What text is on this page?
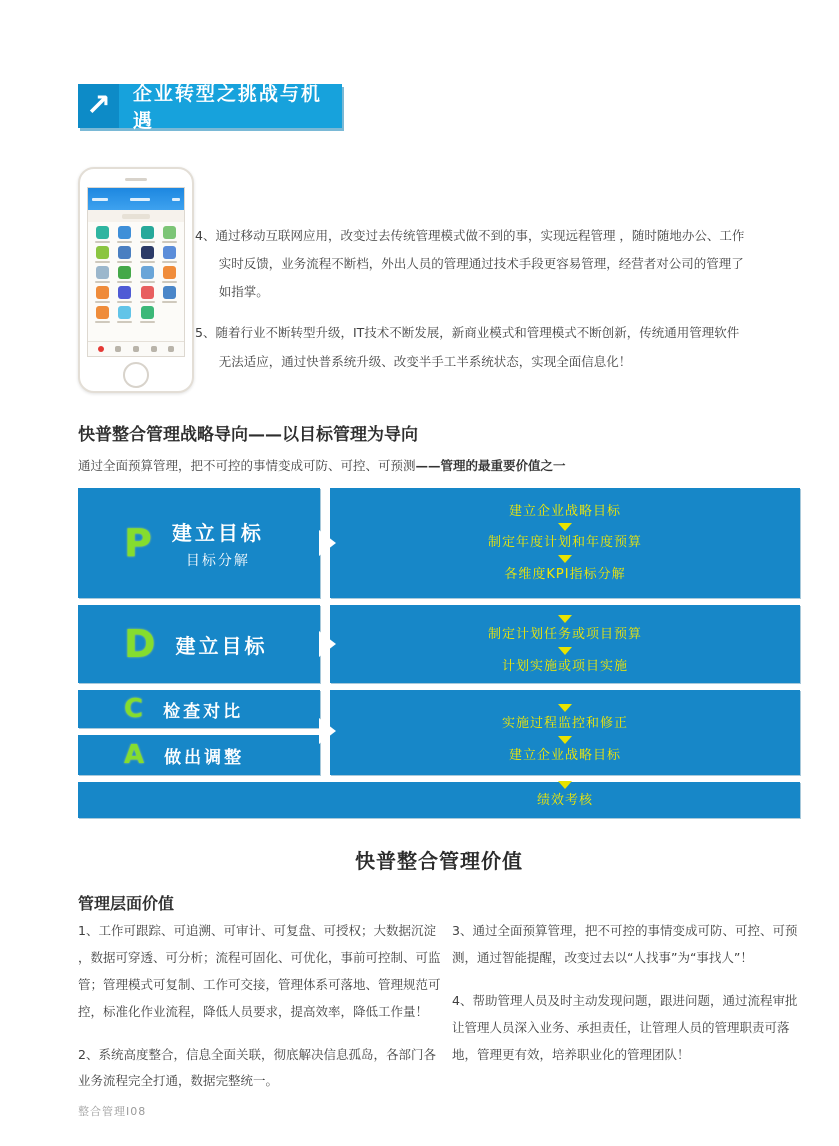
↗	企业转型之挑战与机遇

4、通过移动互联网应用，改变过去传统管理模式做不到的事，实现远程管理 ，随时随地办公、工作实时反馈，业务流程不断档，外出人员的管理通过技术手段更容易管理，经营者对公司的管理了如指掌。

5、随着行业不断转型升级，IT技术不断发展，新商业模式和管理模式不断创新，传统通用管理软件无法适应，通过快普系统升级、改变半手工半系统状态，实现全面信息化！

快普整合管理战略导向——以目标管理为导向
通过全面预算管理，把不可控的事情变成可防、可控、可预测——管理的最重要价值之一
P 建立目标
目标分解
建立企业战略目标
制定年度计划和年度预算
各维度KPI指标分解
D 建立目标	制定计划任务或项目预算
计划实施或项目实施
C 检查对比
A 做出调整
实施过程监控和修正
建立企业战略目标
绩效考核
快普整合管理价值
管理层面价值

1、工作可跟踪、可追溯、可审计、可复盘、可授权；大数据沉淀 ，数据可穿透、可分析；流程可固化、可优化，事前可控制、可监管；管理模式可复制、工作可交接，管理体系可落地、管理规范可控，标准化作业流程，降低人员要求，提高效率，降低工作量！

2、系统高度整合，信息全面关联，彻底解决信息孤岛，各部门各业务流程完全打通，数据完整统一。

3、通过全面预算管理，把不可控的事情变成可防、可控、可预测，通过智能提醒，改变过去以“人找事”为“事找人”！

4、帮助管理人员及时主动发现问题，跟进问题，通过流程审批让管理人员深入业务、承担责任，让管理人员的管理职责可落地，管理更有效，培养职业化的管理团队！

整合管理I08
